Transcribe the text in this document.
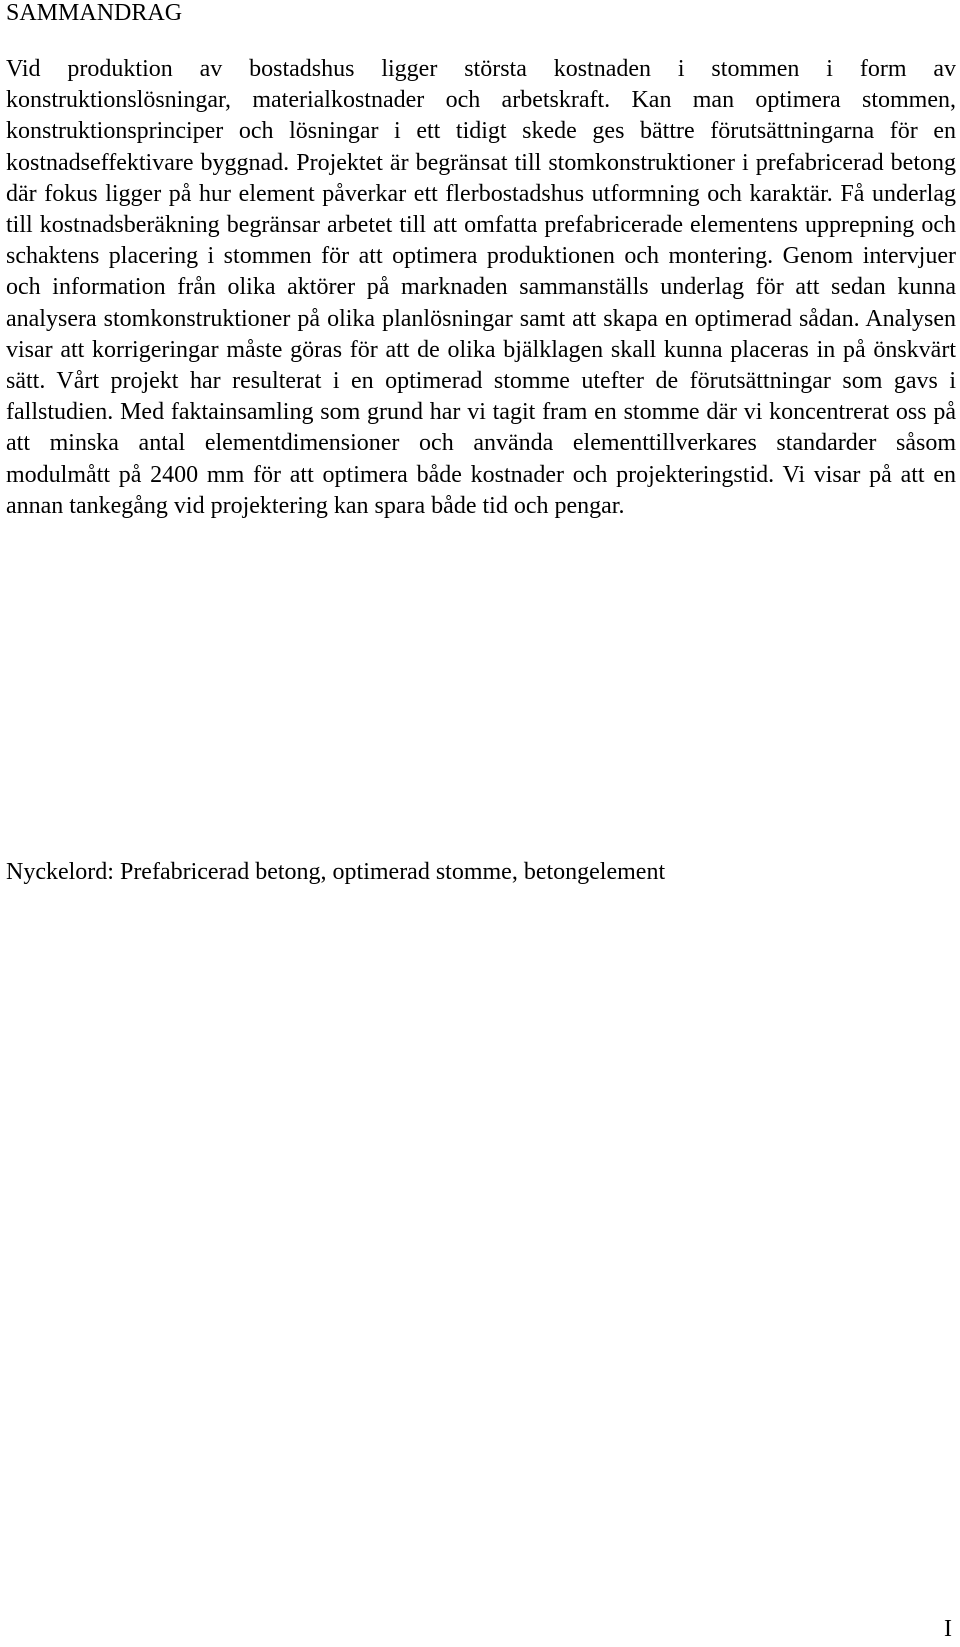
SAMMANDRAG

Vid produktion av bostadshus ligger största kostnaden i stommen i form av konstruktionslösningar, materialkostnader och arbetskraft. Kan man optimera stommen, konstruktionsprinciper och lösningar i ett tidigt skede ges bättre förutsättningarna för en kostnadseffektivare byggnad. Projektet är begränsat till stomkonstruktioner i prefabricerad betong där fokus ligger på hur element påverkar ett flerbostadshus utformning och karaktär. Få underlag till kostnadsberäkning begränsar arbetet till att omfatta prefabricerade elementens upprepning och schaktens placering i stommen för att optimera produktionen och montering. Genom intervjuer och information från olika aktörer på marknaden sammanställs underlag för att sedan kunna analysera stomkonstruktioner på olika planlösningar samt att skapa en optimerad sådan. Analysen visar att korrigeringar måste göras för att de olika bjälklagen skall kunna placeras in på önskvärt sätt. Vårt projekt har resulterat i en optimerad stomme utefter de förutsättningar som gavs i fallstudien. Med faktainsamling som grund har vi tagit fram en stomme där vi koncentrerat oss på att minska antal elementdimensioner och använda elementtillverkares standarder såsom modulmått på 2400 mm för att optimera både kostnader och projekteringstid. Vi visar på att en annan tankegång vid projektering kan spara både tid och pengar.

Nyckelord: Prefabricerad betong, optimerad stomme, betongelement

I
